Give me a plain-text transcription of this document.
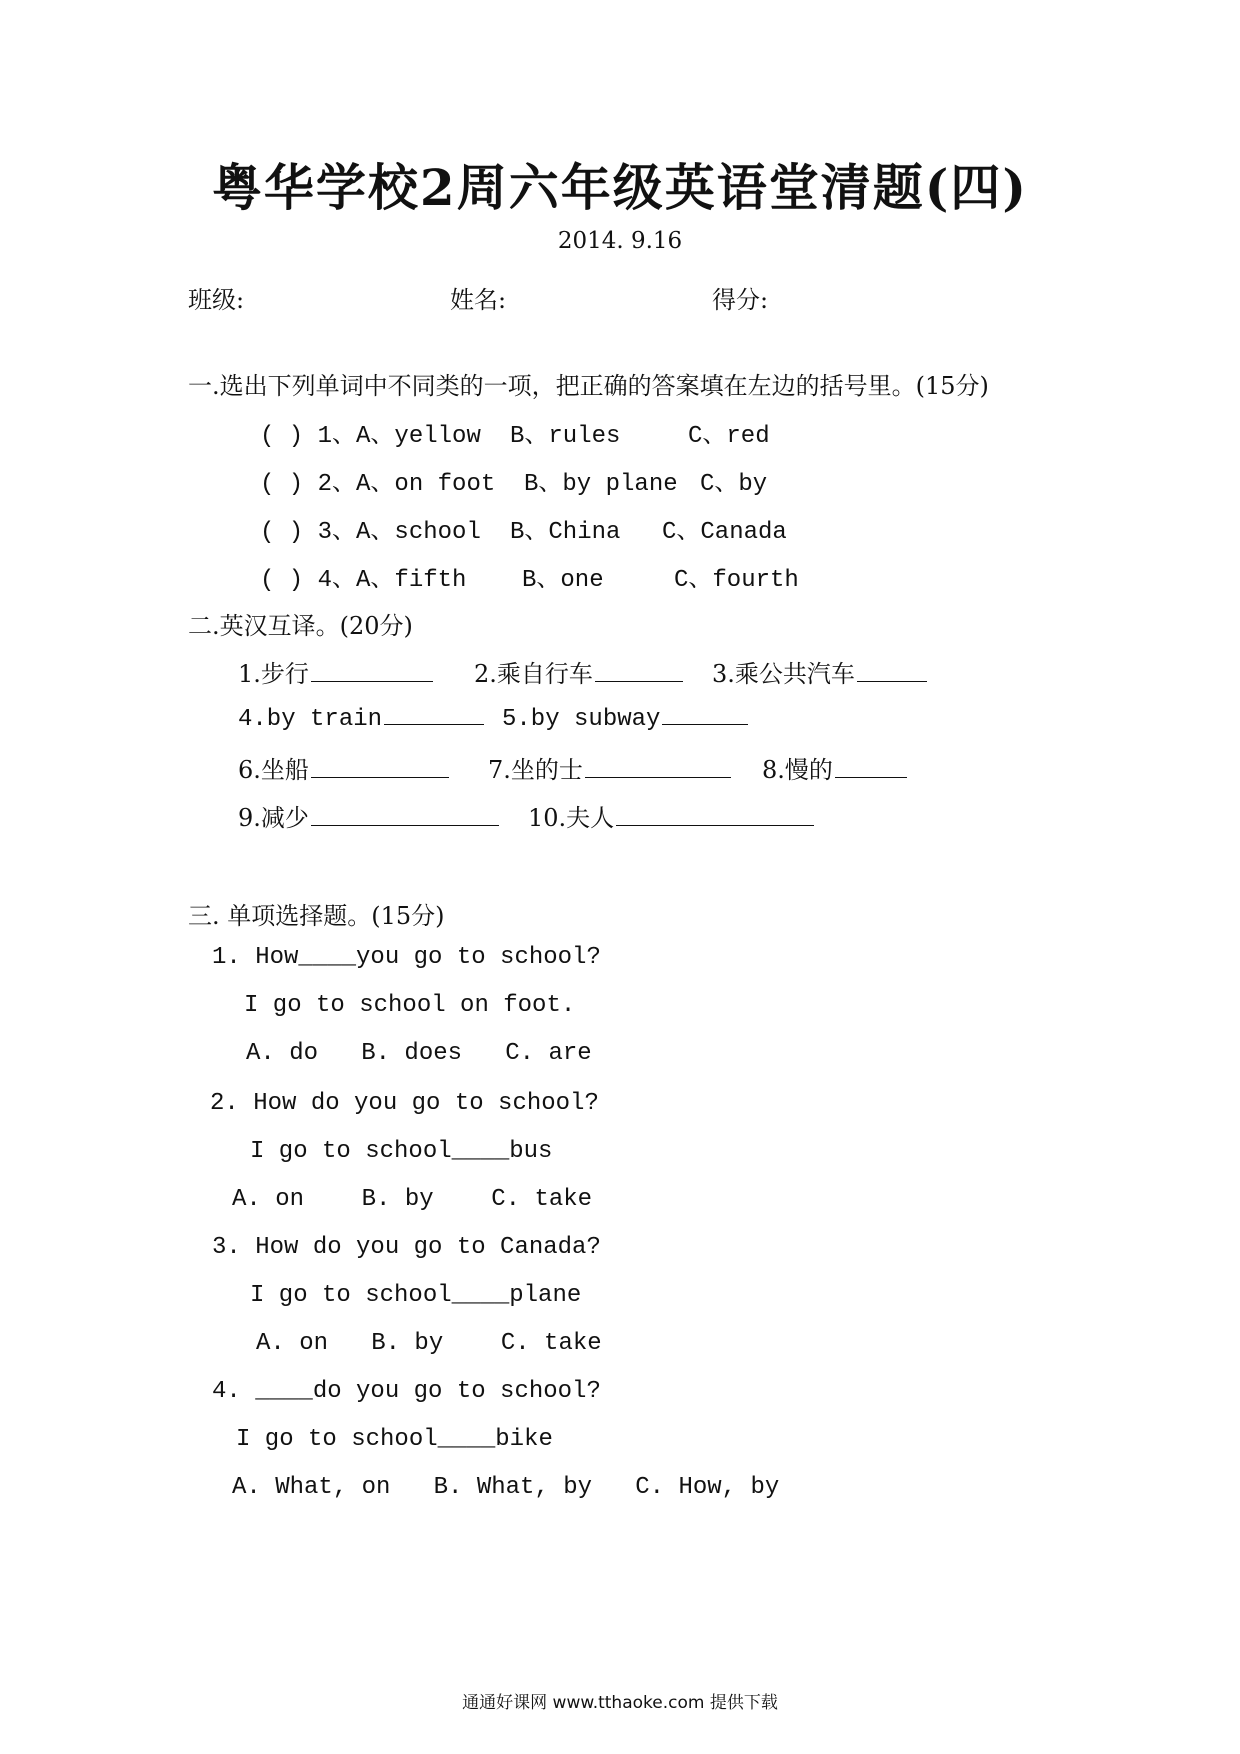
粤华学校2周六年级英语堂清题(四)
2014. 9.16
班级:	姓名:	得分:
一.选出下列单词中不同类的一项，把正确的答案填在左边的括号里。(15分)
( ) 1、A、yellow B、rules	C、red
( ) 2、A、on foot B、by plane C、by
( ) 3、A、school B、China C、Canada
( ) 4、A、fifth B、one	C、fourth
二.英汉互译。(20分)
1.步行	2.乘自行车	3.乘公共汽车
4.by train	5.by subway
6.坐船	7.坐的士	8.慢的
9.减少	10.夫人
三. 单项选择题。(15分)
1. How____you go to school?
I go to school on foot.
A. do   B. does   C. are
2. How do you go to school?
I go to school____bus
A. on    B. by    C. take
3. How do you go to Canada?
I go to school____plane
A. on   B. by    C. take
4. ____do you go to school?
I go to school____bike
A. What, on   B. What, by   C. How, by
通通好课网 www.tthaoke.com 提供下载
